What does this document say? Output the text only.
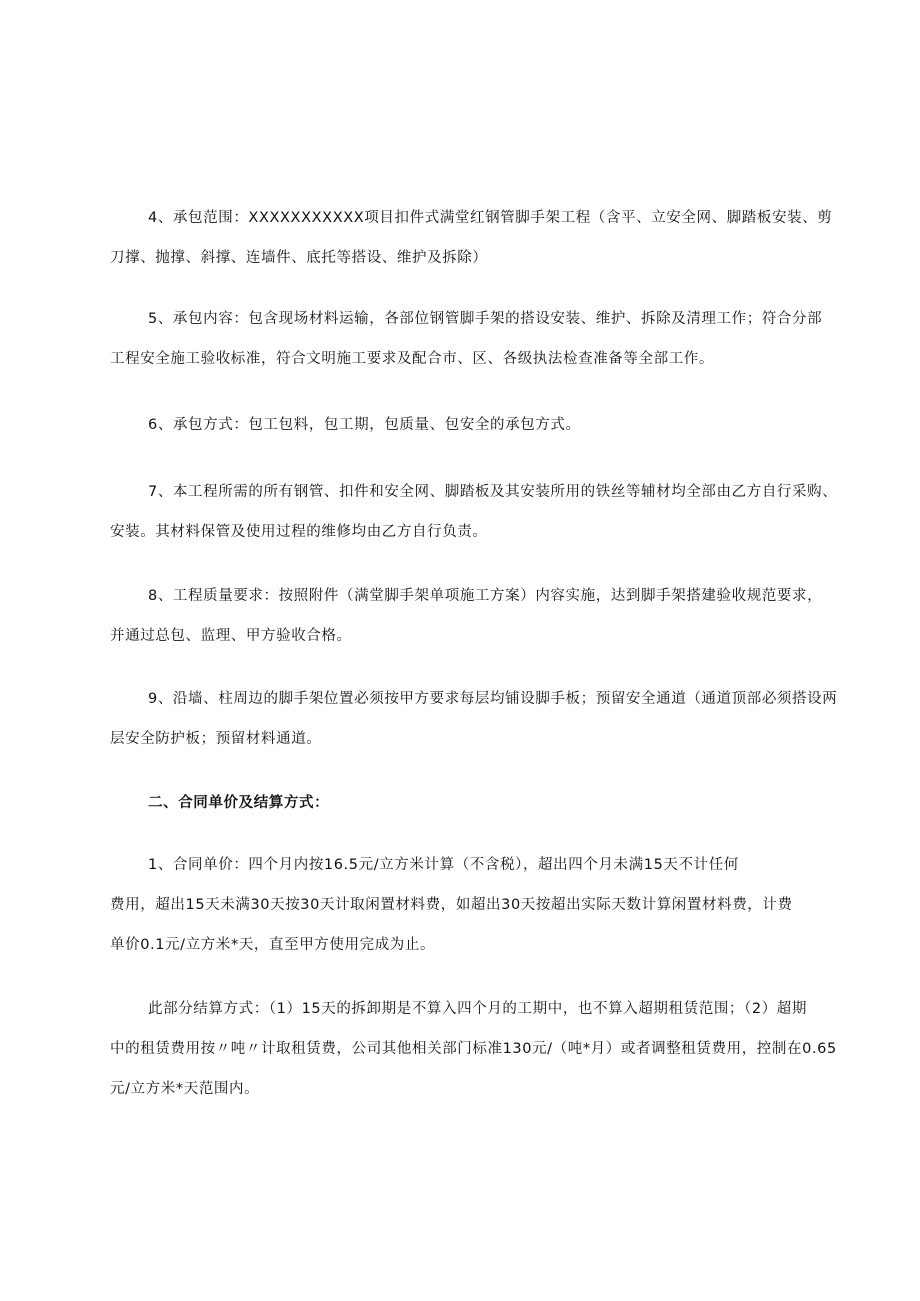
4、承包范围：XXXXXXXXXXX项目扣件式满堂红钢管脚手架工程（含平、立安全网、脚踏板安装、剪
刀撑、抛撑、斜撑、连墙件、底托等搭设、维护及拆除）
5、承包内容：包含现场材料运输，各部位钢管脚手架的搭设安装、维护、拆除及清理工作；符合分部
工程安全施工验收标准，符合文明施工要求及配合市、区、各级执法检查准备等全部工作。
6、承包方式：包工包料，包工期，包质量、包安全的承包方式。
7、本工程所需的所有钢管、扣件和安全网、脚踏板及其安装所用的铁丝等辅材均全部由乙方自行采购、
安装。其材料保管及使用过程的维修均由乙方自行负责。
8、工程质量要求：按照附件（满堂脚手架单项施工方案）内容实施，达到脚手架搭建验收规范要求，
并通过总包、监理、甲方验收合格。
9、沿墙、柱周边的脚手架位置必须按甲方要求每层均铺设脚手板；预留安全通道（通道顶部必须搭设两
层安全防护板；预留材料通道。
二、合同单价及结算方式：
1、合同单价：四个月内按16.5元/立方米计算（不含税），超出四个月未满15天不计任何
费用，超出15天未满30天按30天计取闲置材料费，如超出30天按超出实际天数计算闲置材料费，计费
单价0.1元/立方米*天，直至甲方使用完成为止。
此部分结算方式：（1）15天的拆卸期是不算入四个月的工期中，也不算入超期租赁范围；（2）超期
中的租赁费用按〃吨〃计取租赁费，公司其他相关部门标准130元/（吨*月）或者调整租赁费用，控制在0.65
元/立方米*天范围内。
